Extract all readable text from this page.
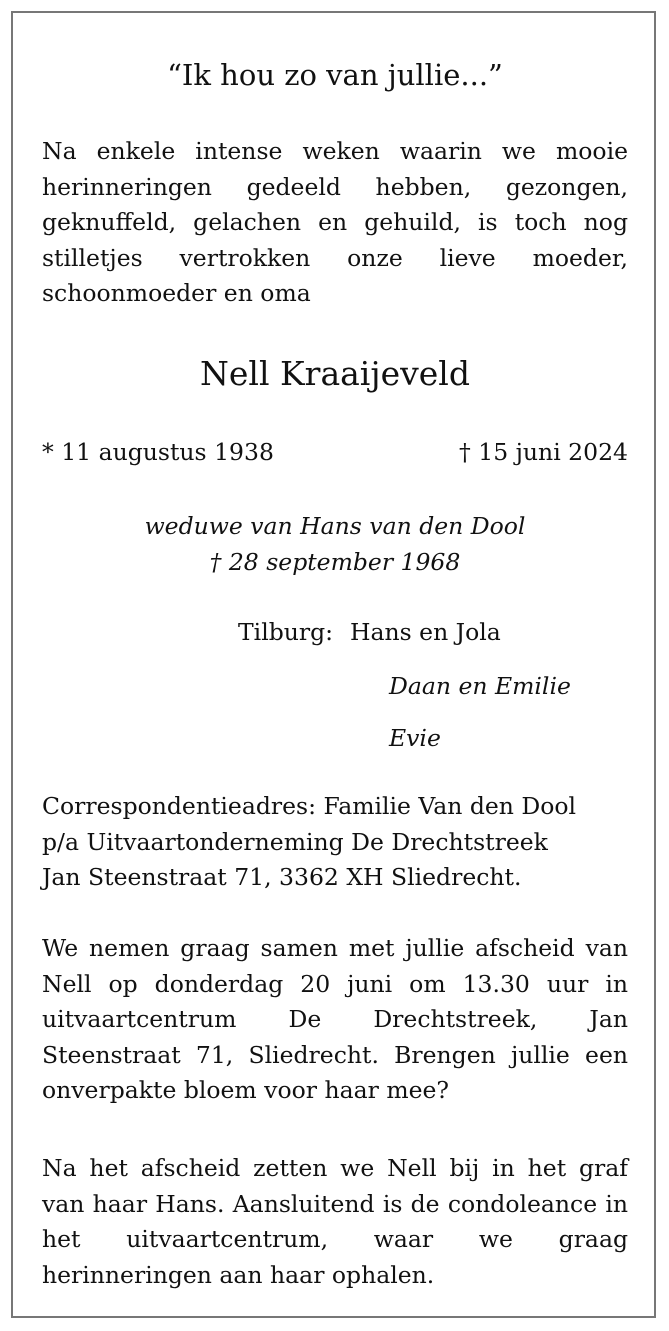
“Ik hou zo van jullie...”

Na enkele intense weken waarin we mooie herinneringen gedeeld hebben, gezongen, geknuffeld, gelachen en gehuild, is toch nog stilletjes vertrokken onze lieve moeder, schoonmoeder en oma

Nell Kraaijeveld
* 11 augustus 1938	† 15 juni 2024
weduwe van Hans van den Dool
† 28 september 1968
Tilburg: Hans en Jola
Daan en Emilie
Evie
Correspondentieadres: Familie Van den Dool
p/a Uitvaartonderneming De Drechtstreek
Jan Steenstraat 71, 3362 XH Sliedrecht.

We nemen graag samen met jullie afscheid van Nell op donderdag 20 juni om 13.30 uur in uitvaartcentrum De Drechtstreek, Jan Steenstraat 71, Sliedrecht. Brengen jullie een onverpakte bloem voor haar mee?

Na het afscheid zetten we Nell bij in het graf van haar Hans. Aansluitend is de condoleance in het uitvaartcentrum, waar we graag herinneringen aan haar ophalen.
